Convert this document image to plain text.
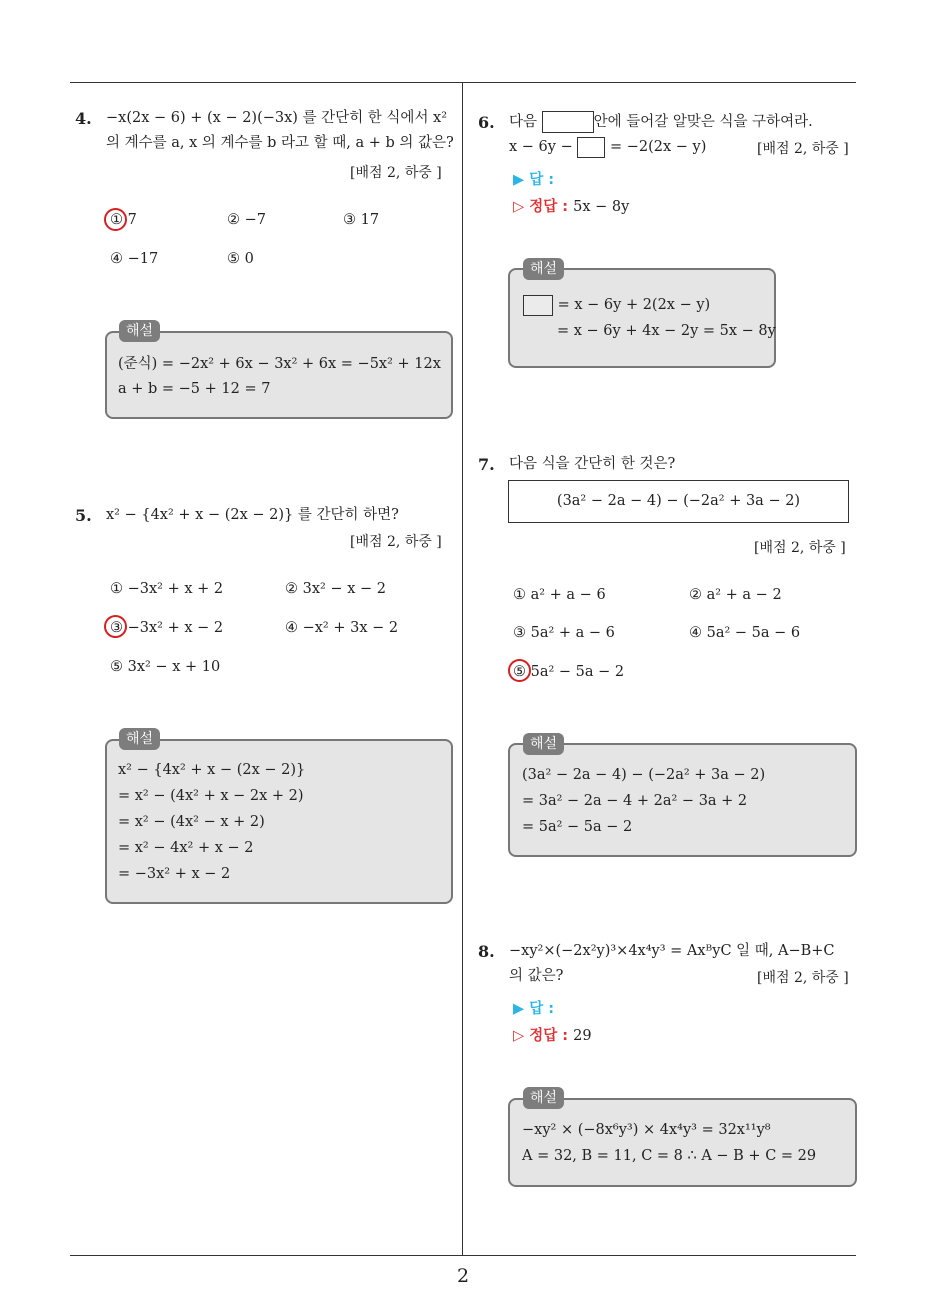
2
4. −x(2x − 6) + (x − 2)(−3x) 를 간단히 한 식에서 x²
의 계수를 a, x 의 계수를 b 라고 할 때, a + b 의 값은?
[배점 2, 하중 ]
① 7	② −7	③ 17
④ −17	⑤ 0
해설
(준식) = −2x² + 6x − 3x² + 6x = −5x² + 12x
a + b = −5 + 12 = 7
5. x² − {4x² + x − (2x − 2)} 를 간단히 하면?
[배점 2, 하중 ]
① −3x² + x + 2	② 3x² − x − 2
③ −3x² + x − 2	④ −x² + 3x − 2
⑤ 3x² − x + 10
해설
x² − {4x² + x − (2x − 2)}
= x² − (4x² + x − 2x + 2)
= x² − (4x² − x + 2)
= x² − 4x² + x − 2
= −3x² + x − 2
6. 다음	안에 들어갈 알맞은 식을 구하여라.
x − 6y −	= −2(2x − y)	[배점 2, 하중 ]
▶ 답 :
▷ 정답 : 5x − 8y
해설
= x − 6y + 2(2x − y)
= x − 6y + 4x − 2y = 5x − 8y
7. 다음 식을 간단히 한 것은?
(3a² − 2a − 4) − (−2a² + 3a − 2)
[배점 2, 하중 ]
① a² + a − 6	② a² + a − 2
③ 5a² + a − 6	④ 5a² − 5a − 6
⑤ 5a² − 5a − 2
해설
(3a² − 2a − 4) − (−2a² + 3a − 2)
= 3a² − 2a − 4 + 2a² − 3a + 2
= 5a² − 5a − 2
8. −xy²×(−2x²y)³×4x⁴y³ = AxᴮyC 일 때, A−B+C
의 값은?	[배점 2, 하중 ]
▶ 답 :
▷ 정답 : 29
해설
−xy² × (−8x⁶y³) × 4x⁴y³ = 32x¹¹y⁸
A = 32, B = 11, C = 8 ∴ A − B + C = 29
